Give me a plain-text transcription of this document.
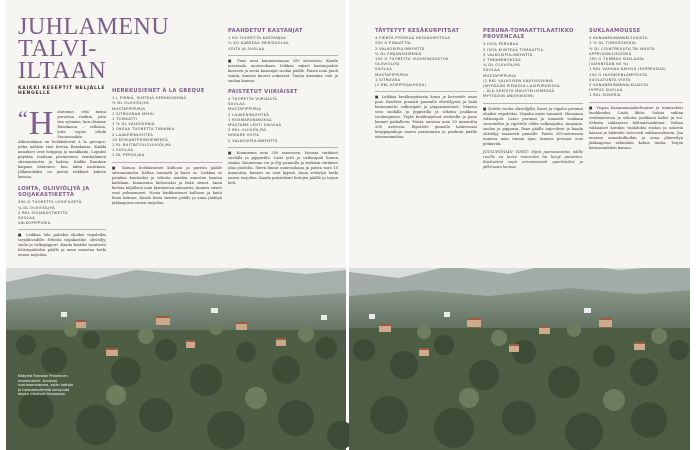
JUHLAMENU
TALVI-ILTAAN
KAIKKI RESEPTIT NELJÄLLE HENGELLE
“ H	alutenne, että menu perustuu ruokiin, joita itse syömme, kun olemme Ranskassa – sellaisia, joita sopisi tehdä Suomessakin. Alkuruokana on herkkuleivät à la grecque, jotka nähtiin ensi kertaa Ranskassa. Kaikki annokset ovat helppoja ja maukkaita. Lopuksi pöytään tuodaan perinteinen ranskalainen sitruunatorttu ja kahvia. Kaikki Ranskan kaipaus lientenee, kun näitä nautitaan. Jälkiruokaksi on pieniä näkkärit kahvin kanssa.

LOHTA, OLIIVIÖLJYÄ JA SOIJAKASTIKETTA

300 G TUORETTA LOHIFILEETÄ

¼ DL OLIIVIÖLJYÄ

2 RKL SOIJAKASTIKETTA

SUOLAA

VALKOPIPPURIA

■ Leikkaa lohi paloiksi ohuiksi viipaleiksi tarjoiluvadille. Sekoita soijakastike, oliiviöljy, suola ja valkopippuri. Kaada kastike tasaisesti lohiviipaleiden päälle ja anna maustua hetki ennen tarjoilua.

HERKKUSIENET À LA GREQUE

1 L PIENIÄ, SIISTEJÄ HERKKUSIENIÄ

½ DL OLIIVIÖLJYÄ

MUSTAPIPPURIA

1 SITRUUNAN MEHU

1 TOMAATTI

1 ½ DL VALKOVIINIÄ

2 OKSAA TUORETTA TIMJAMIA

2 LAAKERINLEHTEÄ

10 KORIANTERINSIEMENTÄ

1 RL RUITINTOLIOLIIVIÖLJYÄ

1 SUOLAA

1 DL PERSILJAA

■ Kumoa herkkusienet kulhoon ja purista päälle sitruunamehu. Kaltaa tomaatti ja kuori se. Leikkaa se pieniksi kuutioiksi ja sekoita muiden ainesten kanssa kattilaan. Kuumenna kiehuvaksi ja lisää sienet. Anna kiehua hiljalleen noin kymmenen minuuttia, kunnes sienet ovat pehmenneet. Nosta herkkusienet kulhoon ja keitä liemi kokoon. Kaada liemi sienten päälle ja anna jäähtyä jääkaapissa ennen tarjoilua.

PAAHDETUT KASTANJAT

1 KG TUORETTA KASTANJAA

¼ KG KABEEAA MERISUOLAA

VOITA JA SUOLAA

■ Pane uuni kuumenemaan 200 asteeseen. Kaada merisuola uunivuokaan, leikkaa sakset kastanjoiden kuoreen ja aseta kastanjat suolan päälle. Paista noin puoli tuntia, kunnes kuoret aukeavat. Tarjoa kuumina voin ja suolan kanssa.

PAISTETUT VIIRIÄISET

4 TUORETTA VIIRIÄISTÄ

SUOLAA

MUSTAPIPPURIA

2 LAAKERINLEHTEÄ

1 ROSMARIININOKSA

MUUTAMA LEHTI SALVIAA

2 RKL OLIIVIÖLJYÄ

NOKARE VOITA

2 VALKOSIPULINKYNTTÄ

■ Kuumenna uuni 200 asteeseen. Mausta viiriäiset suolalla ja pippurilla. Laita yrtit ja valkosipuli linnun sisään. Kuumenna voi ja öljy pannulla ja ruskista viiriäiset joka puolelta. Siirrä linnut uunivuokaan ja paista noin 15 minuuttia, kunnes ne ovat kypsiä. Anna vetäytyä hetki ennen tarjoilua. Kaada paistoliemi lintujen päälle ja tarjoa heti.

Näkymä Ranskan Provencen maaseudulle. Kuvassa vuoristomaisema, kylän kattoja ja harmaanvihreitä oliivipuita talven viileässä iltavalossa.
TÄYTETYT KESÄKURPITSAT

4 PIENTÄ PYÖREÄÄ KESÄKURPITSAA

200 G PINAATTIA

2 VALKOSIPULINKYNTTÄ

½ DL PINJANSIEMENIÄ

150 G TUORETTA VUOHENJUUSTOA

OLIIVIÖLJYÄ

SUOLAA

MUSTAPIPPURIA

1 SITRUUNA

(2 RKL KORPPUJAUHOJA)

■ Leikkaa kesäkurpitsasta kansi ja kovertele sisus pois. Kuullota pinaatti pannulla oliiviöljyssä ja lisää hienonnettu valkosipuli ja pinjansiemenet. Mausta seos suolalla ja pippurilla ja sekoita joukkoon vuohenjuusto. Täytä kesäkurpitsat seoksella ja pane kannet paikalleen. Paista uunissa noin 20 minuuttia 200 asteessa. Ripottele pinnalle halutessasi korppujauhoja ennen paistamista ja pirskota päälle sitruunamehua.

PERUNA-TOMAATTILAATIKKO PROVENCALE

3 ISOA PERUNAA

2 ISOA KIINTEÄÄ TOMAATTIA

3 VALKOSIPULINKYNTTÄ

2 TIMJAMINOKSAA

¾ DL OLIIVIÖLJYÄ

SUOLAA

MUSTAPIPPURIA

(2 RKL VALKOISEN ANJOVISVIINIÄ

(MYYDÄÄN PIENISSÄ LASIPURKEISSA

– ÄLÄ SEKOITA MAUSTEILIEMESSÄ

MYYTÄVIIN ANJOVIKSIIN)

■ Voitele vuoka oliiviöljyllä. Kuori ja viipaloi perunat ohuiksi viipaleiksi. Viipaloi myös tomaatit. Hienonna valkosipuli. Latoo perunat ja tomaatit vuokaan vuorotellen ja ripottele väliin valkosipulia, timjamia, suolaa ja pippuria. Pane päälle anjovikset ja kaada oliiviöljy tasaisesti pinnalle. Paista 200-asteisessa uunissa noin tunnin ajan, kunnes perunat ovat pehmeitä.

JOULUPÖYDÄN VIINIT: Hyvä juomasuositus näille ruoille on kuiva roseeviini tai kevyt punaviini. Kuohuviini sopii erinomaisesti aperitiiviksi ja jälkiruoan kanssa.

SUKLAAMOUSSE

4 KANANMUNANKELTUAISTA

1 ½ DL TOMUSOKERIA

½ DL COINTREAUTA TAI MUUTA

APPELSIINILIKÖÖRIÄ

150 G TUMMAA SUKLAATA

(VÄHINTÄÄN 60 %)

1 RKL VAHVAA KAHVIA (ESPRESSOA)

100 G HUONEENLÄMPÖISTÄ

SUOLATONTA VOITA

3 KANANMUNANVALKUAISTA

HIPPUS SUOLAA

1 RKL SOKERIA

■ Vispaa kananmunankeltuaiset ja tomusokeri kuohkeaksi. Lisää liköri. Sulata suklaa vesihauteessa ja sekoita joukkoon kahvi ja voi. Sekoita suklaaseos keltuaisvaahtoon. Vatkaa valkuaiset kovaksi vaahdoksi suolan ja sokerin kanssa ja kääntele varovasti suklaaseokseen. Jaa mousse annoskulhoihin ja anna jähmettyä jääkaapissa vähintään kolme tuntia. Tarjoa kermavaahdon kanssa.
